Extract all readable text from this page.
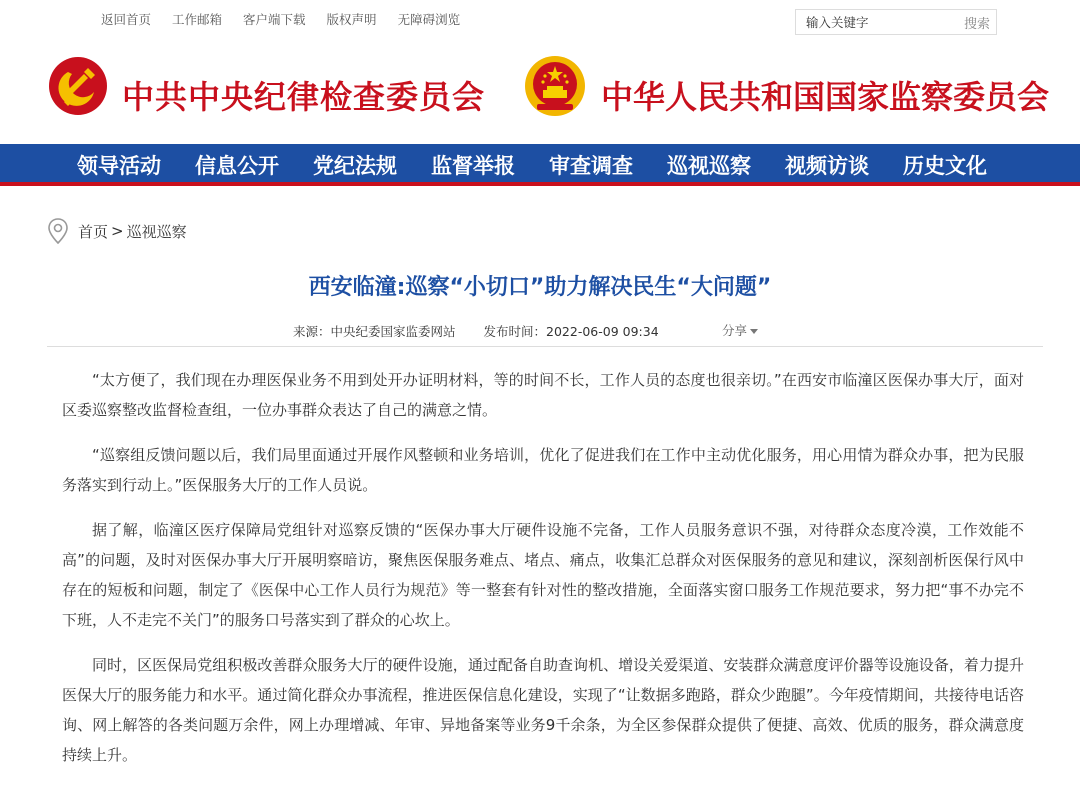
返回首页 工作邮箱 客户端下载 版权声明 无障碍浏览
输入关键字	搜索
中共中央纪律检查委员会	中华人民共和国国家监察委员会
领导活动 信息公开 党纪法规 监督举报 审查调查 巡视巡察 视频访谈 历史文化
首页 > 巡视巡察
西安临潼:巡察“小切口”助力解决民生“大问题”
来源：中央纪委国家监委网站 发布时间：2022-06-09 09:34	分享

“太方便了，我们现在办理医保业务不用到处开办证明材料，等的时间不长，工作人员的态度也很亲切。”在西安市临潼区医保办事大厅，面对区委巡察整改监督检查组，一位办事群众表达了自己的满意之情。

“巡察组反馈问题以后，我们局里面通过开展作风整顿和业务培训，优化了促进我们在工作中主动优化服务，用心用情为群众办事，把为民服务落实到行动上。”医保服务大厅的工作人员说。

据了解，临潼区医疗保障局党组针对巡察反馈的“医保办事大厅硬件设施不完备，工作人员服务意识不强，对待群众态度冷漠，工作效能不高”的问题，及时对医保办事大厅开展明察暗访，聚焦医保服务难点、堵点、痛点，收集汇总群众对医保服务的意见和建议，深刻剖析医保行风中存在的短板和问题，制定了《医保中心工作人员行为规范》等一整套有针对性的整改措施，全面落实窗口服务工作规范要求，努力把“事不办完不下班，人不走完不关门”的服务口号落实到了群众的心坎上。

同时，区医保局党组积极改善群众服务大厅的硬件设施，通过配备自助查询机、增设关爱渠道、安装群众满意度评价器等设施设备，着力提升医保大厅的服务能力和水平。通过简化群众办事流程，推进医保信息化建设，实现了“让数据多跑路，群众少跑腿”。今年疫情期间，共接待电话咨询、网上解答的各类问题万余件，网上办理增减、年审、异地备案等业务9千余条，为全区参保群众提供了便捷、高效、优质的服务，群众满意度持续上升。
